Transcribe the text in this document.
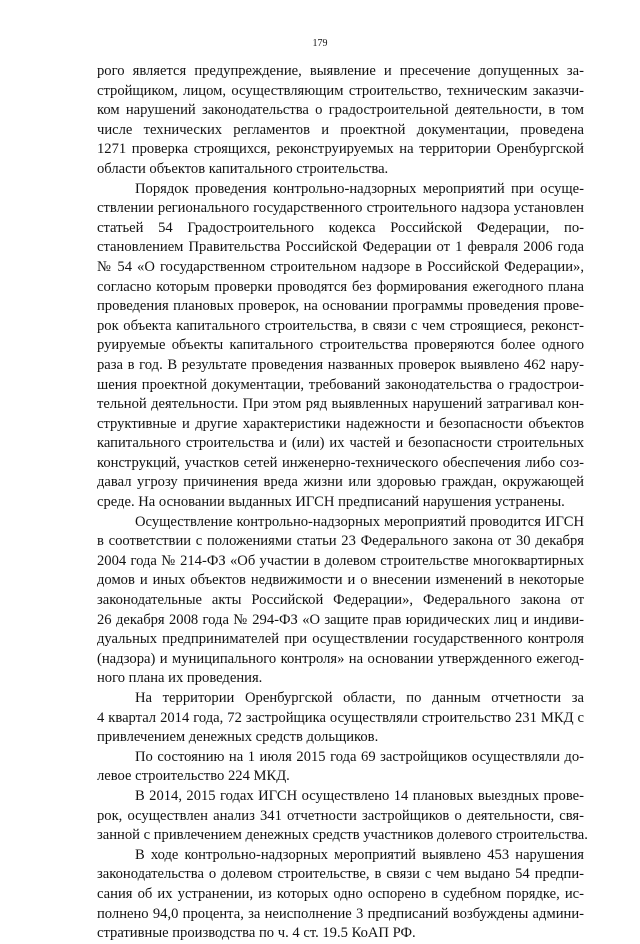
179
рого является предупреждение, выявление и пресечение допущенных за-
стройщиком, лицом, осуществляющим строительство, техническим заказчи-
ком нарушений законодательства о градостроительной деятельности, в том
числе технических регламентов и проектной документации, проведена
1271 проверка строящихся, реконструируемых на территории Оренбургской
области объектов капитального строительства.
Порядок проведения контрольно-надзорных мероприятий при осуще-
ствлении регионального государственного строительного надзора установлен
статьей 54 Градостроительного кодекса Российской Федерации, по-
становлением Правительства Российской Федерации от 1 февраля 2006 года
№ 54 «О государственном строительном надзоре в Российской Федерации»,
согласно которым проверки проводятся без формирования ежегодного плана
проведения плановых проверок, на основании программы проведения прове-
рок объекта капитального строительства, в связи с чем строящиеся, реконст-
руируемые объекты капитального строительства проверяются более одного
раза в год. В результате проведения названных проверок выявлено 462 нару-
шения проектной документации, требований законодательства о градострои-
тельной деятельности. При этом ряд выявленных нарушений затрагивал кон-
структивные и другие характеристики надежности и безопасности объектов
капитального строительства и (или) их частей и безопасности строительных
конструкций, участков сетей инженерно-технического обеспечения либо соз-
давал угрозу причинения вреда жизни или здоровью граждан, окружающей
среде. На основании выданных ИГСН предписаний нарушения устранены.
Осуществление контрольно-надзорных мероприятий проводится ИГСН
в соответствии с положениями статьи 23 Федерального закона от 30 декабря
2004 года № 214-ФЗ «Об участии в долевом строительстве многоквартирных
домов и иных объектов недвижимости и о внесении изменений в некоторые
законодательные акты Российской Федерации», Федерального закона от
26 декабря 2008 года № 294-ФЗ «О защите прав юридических лиц и индиви-
дуальных предпринимателей при осуществлении государственного контроля
(надзора) и муниципального контроля» на основании утвержденного ежегод-
ного плана их проведения.
На территории Оренбургской области, по данным отчетности за
4 квартал 2014 года, 72 застройщика осуществляли строительство 231 МКД с
привлечением денежных средств дольщиков.
По состоянию на 1 июля 2015 года 69 застройщиков осуществляли до-
левое строительство 224 МКД.
В 2014, 2015 годах ИГСН осуществлено 14 плановых выездных прове-
рок, осуществлен анализ 341 отчетности застройщиков о деятельности, свя-
занной с привлечением денежных средств участников долевого строительства.
В ходе контрольно-надзорных мероприятий выявлено 453 нарушения
законодательства о долевом строительстве, в связи с чем выдано 54 предпи-
сания об их устранении, из которых одно оспорено в судебном порядке, ис-
полнено 94,0 процента, за неисполнение 3 предписаний возбуждены админи-
стративные производства по ч. 4 ст. 19.5 КоАП РФ.
